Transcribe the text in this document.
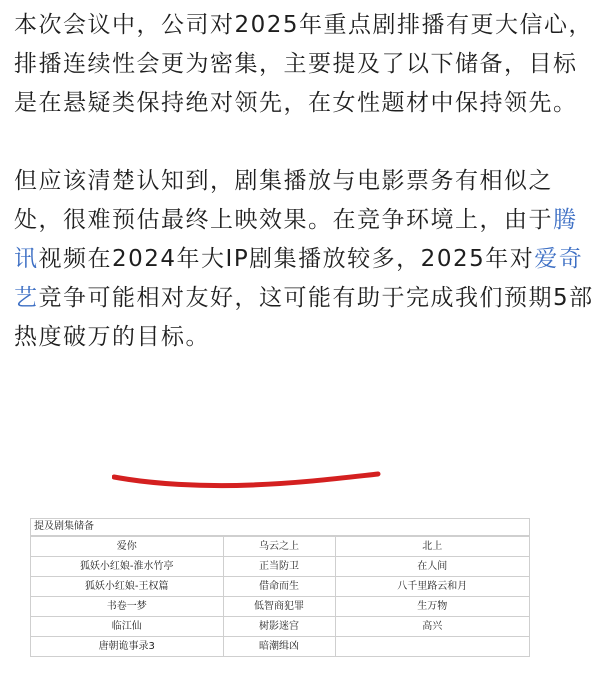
本次会议中，公司对2025年重点剧排播有更大信心，排播连续性会更为密集，主要提及了以下储备，目标是在悬疑类保持绝对领先，在女性题材中保持领先。

但应该清楚认知到，剧集播放与电影票务有相似之处，很难预估最终上映效果。在竞争环境上，由于腾讯视频在2024年大IP剧集播放较多，2025年对爱奇艺竞争可能相对友好，这可能有助于完成我们预期5部热度破万的目标。

提及剧集储备
爱你	乌云之上	北上
狐妖小红娘-淮水竹亭	正当防卫	在人间
狐妖小红娘-王权篇	借命而生	八千里路云和月
书卷一梦	低智商犯罪	生万物
临江仙	树影迷宫	高兴
唐朝诡事录3	暗潮缉凶	
